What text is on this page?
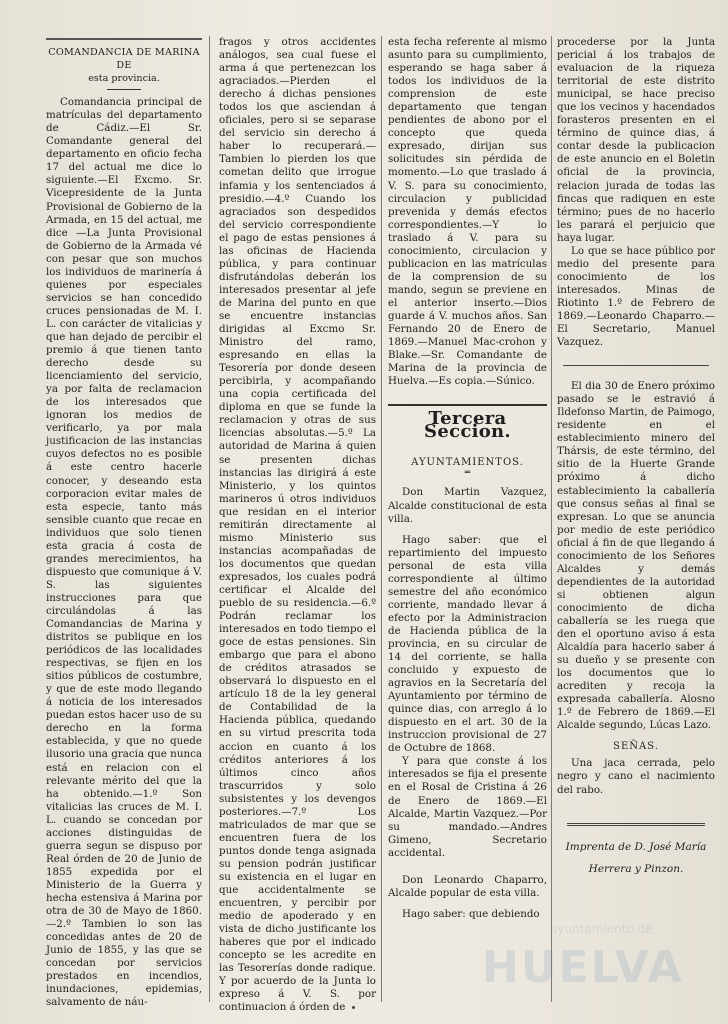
COMANDANCIA DE MARINA DE
esta provincia.

Comandancia principal de matrículas del departamento de Cádiz.—El Sr. Comandante general del departamento en oficio fecha 17 del actual me dice lo siguiente.—El Excmo. Sr. Vicepresidente de la Junta Provisional de Gobierno de la Armada, en 15 del actual, me dice —La Junta Provisional de Gobierno de la Armada vé con pesar que son muchos los individuos de marinería á quienes por especiales servicios se han concedido cruces pensionadas de M. I. L. con carácter de vitalicias y que han dejado de percibir el premio á que tienen tanto derecho desde su licenciamiento del servicio, ya por falta de reclamacion de los interesados que ignoran los medios de verificarlo, ya por mala justificacion de las instancias cuyos defectos no es posible á este centro hacerle conocer, y deseando esta corporacion evitar males de esta especie, tanto más sensible cuanto que recae en individuos que solo tienen esta gracia á costa de grandes merecimientos, ha dispuesto que comunique á V. S. las siguientes instrucciones para que circulándolas á las Comandancias de Marina y distritos se publique en los periódicos de las localidades respectivas, se fijen en los sitios públicos de costumbre, y que de este modo llegando á noticia de los interesados puedan estos hacer uso de su derecho en la forma establecida, y que no quede ilusorio una gracia que nunca está en relacion con el relevante mérito del que la ha obtenido.—1.º Son vitalicias las cruces de M. I. L. cuando se concedan por acciones distinguidas de guerra segun se dispuso por Real órden de 20 de Junio de 1855 expedida por el Ministerio de la Guerra y hecha estensiva á Marina por otra de 30 de Mayo de 1860.—2.º Tambien lo son las concedidas antes de 20 de Junio de 1855, y las que se concedan por servicios prestados en incendios, inundaciones, epidemias, salvamento de náu-

fragos y otros accidentes análogos, sea cual fuese el arma á que pertenezcan los agraciados.—Pierden el derecho á dichas pensiones todos los que asciendan á oficiales, pero si se separase del servicio sin derecho á haber lo recuperará.—Tambien lo pierden los que cometan delito que irrogue infamia y los sentenciados á presidio.—4.º Cuando los agraciados son despedidos del servicio correspondiente el pago de estas pensiones á las oficinas de Hacienda pública, y para continuar disfrutándolas deberán los interesados presentar al jefe de Marina del punto en que se encuentre instancias dirigidas al Excmo Sr. Ministro del ramo, espresando en ellas la Tesorería por donde deseen percibirla, y acompañando una copia certificada del diploma en que se funde la reclamacion y otras de sus licencias absolutas.—5.º La autoridad de Marina á quien se presenten dichas instancias las dirigirá á este Ministerio, y los quintos marineros ú otros individuos que residan en el interior remitirán directamente al mismo Ministerio sus instancias acompañadas de los documentos que quedan expresados, los cuales podrá certificar el Alcalde del pueblo de su residencia.—6.º Podrán reclamar los interesados en todo tiempo el goce de estas pensiones. Sin embargo que para el abono de créditos atrasados se observará lo dispuesto en el artículo 18 de la ley general de Contabilidad de la Hacienda pública, quedando en su virtud prescrita toda accion en cuanto á los créditos anteriores á los últimos cinco años trascurridos y solo subsistentes y los devengos posteriores.—7.º Los matriculados de mar que se encuentren fuera de los puntos donde tenga asignada su pension podrán justificar su existencia en el lugar en que accidentalmente se encuentren, y percibir por medio de apoderado y en vista de dicho justificante los haberes que por el indicado concepto se les acredite en las Tesorerías donde radique. Y por acuerdo de la Junta lo expreso á V. S. por continuacion á órden de

esta fecha referente al mismo asunto para su cumplimiento, esperando se haga saber á todos los individuos de la comprension de este departamento que tengan pendientes de abono por el concepto que queda expresado, dirijan sus solicitudes sin pérdida de momento.—Lo que traslado á V. S. para su conocimiento, circulacion y publicidad prevenida y demás efectos correspondientes.—Y lo traslado á V. para su conocimiento, circulacion y publicacion en las matrículas de la comprension de su mando, segun se previene en el anterior inserto.—Dios guarde á V. muchos años. San Fernando 20 de Enero de 1869.—Manuel Mac-crohon y Blake.—Sr. Comandante de Marina de la provincia de Huelva.—Es copia.—Súnico.

Tercera Seccion.
AYUNTAMIENTOS.
═

Don Martin Vazquez, Alcalde constitucional de esta villa.

Hago saber: que el repartimiento del impuesto personal de esta villa correspondiente al último semestre del año económico corriente, mandado llevar á efecto por la Administracion de Hacienda pública de la provincia, en su circular de 14 del corriente, se halla concluido y expuesto de agravios en la Secretaría del Ayuntamiento por término de quince dias, con arreglo á lo dispuesto en el art. 30 de la instruccion provisional de 27 de Octubre de 1868.

Y para que conste á los interesados se fija el presente en el Rosal de Cristina á 26 de Enero de 1869.—El Alcalde, Martin Vazquez.—Por su mandado.—Andres Gimeno, Secretario accidental.

Don Leonardo Chaparro, Alcalde popular de esta villa.

Hago saber: que debiendo

procederse por la Junta pericial á los trabajos de evaluacion de la riqueza territorial de este distrito municipal, se hace preciso que los vecinos y hacendados forasteros presenten en el término de quince dias, á contar desde la publicacion de este anuncio en el Boletin oficial de la provincia, relacion jurada de todas las fincas que radiquen en este término; pues de no hacerlo les parará el perjuicio que haya lugar.

Lo que se hace público por medio del presente para conocimiento de los interesados. Minas de Riotinto 1.º de Febrero de 1869.—Leonardo Chaparro.—El Secretario, Manuel Vazquez.

El dia 30 de Enero próximo pasado se le estravió á Ildefonso Martin, de Paimogo, residente en el establecimiento minero del Thársis, de este término, del sitio de la Huerte Grande próximo á dicho establecimiento la caballería que consus señas al final se expresan. Lo que se anuncia por medio de este periódico oficial á fin de que llegando á conocimiento de los Señores Alcaldes y demás dependientes de la autoridad si obtienen algun conocimiento de dicha caballería se les ruega que den el oportuno aviso á esta Alcaldía para hacerlo saber á su dueño y se presente con los documentos que lo acrediten y recoja la expresada caballería. Alosno 1.º de Febrero de 1869.—El Alcalde segundo, Lúcas Lazo.

SEÑAS.

Una jaca cerrada, pelo negro y cano el nacimiento del rabo.

Imprenta de D. José María
Herrera y Pinzon.
ayuntamiento.de
HUELVA
